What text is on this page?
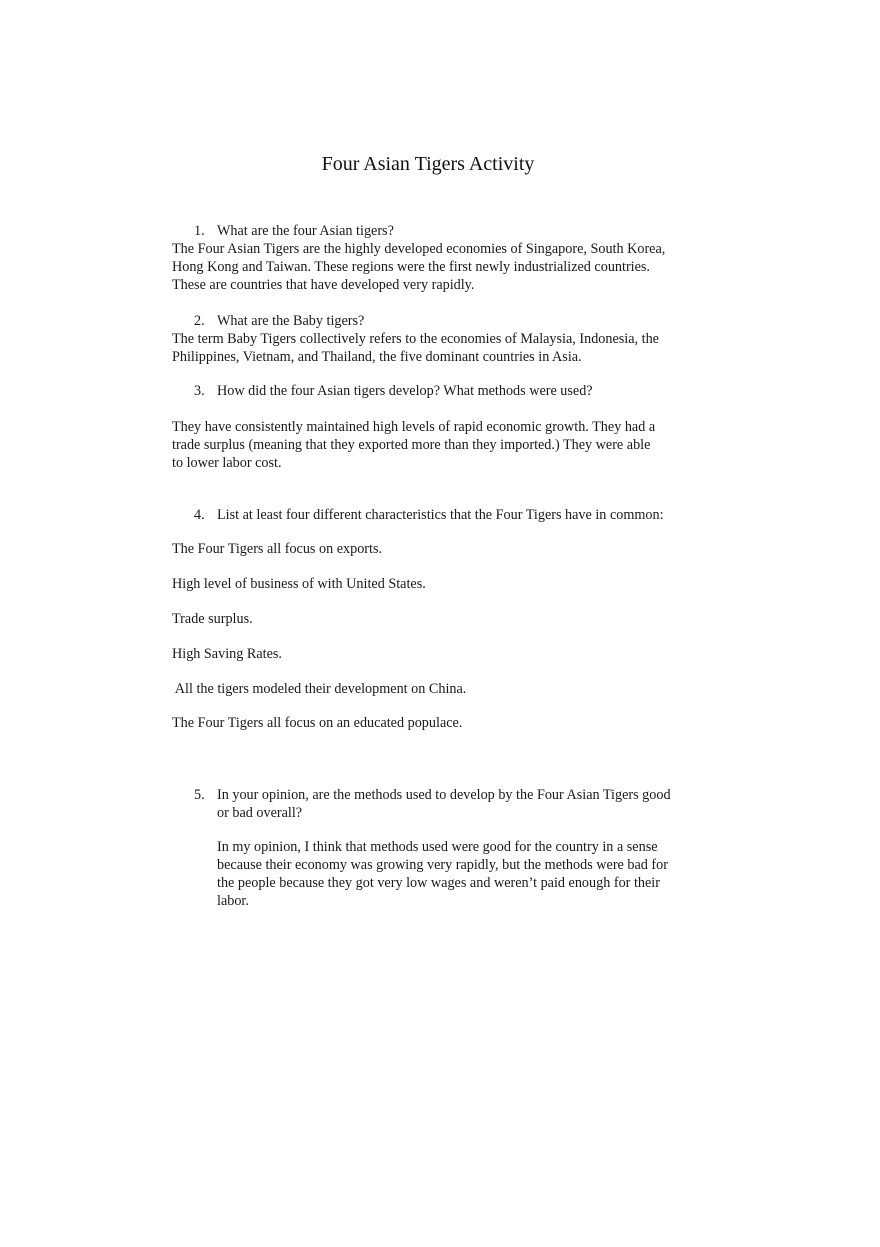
Four Asian Tigers Activity
1. What are the four Asian tigers?
The Four Asian Tigers are the highly developed economies of Singapore, South Korea,
Hong Kong and Taiwan. These regions were the first newly industrialized countries.
These are countries that have developed very rapidly.
2. What are the Baby tigers?
The term Baby Tigers collectively refers to the economies of Malaysia, Indonesia, the
Philippines, Vietnam, and Thailand, the five dominant countries in Asia.
3. How did the four Asian tigers develop? What methods were used?
They have consistently maintained high levels of rapid economic growth. They had a
trade surplus (meaning that they exported more than they imported.) They were able
to lower labor cost.
4. List at least four different characteristics that the Four Tigers have in common:
The Four Tigers all focus on exports.
High level of business of with United States.
Trade surplus.
High Saving Rates.
All the tigers modeled their development on China.
The Four Tigers all focus on an educated populace.
5. In your opinion, are the methods used to develop by the Four Asian Tigers good
or bad overall?
In my opinion, I think that methods used were good for the country in a sense
because their economy was growing very rapidly, but the methods were bad for
the people because they got very low wages and weren’t paid enough for their
labor.
